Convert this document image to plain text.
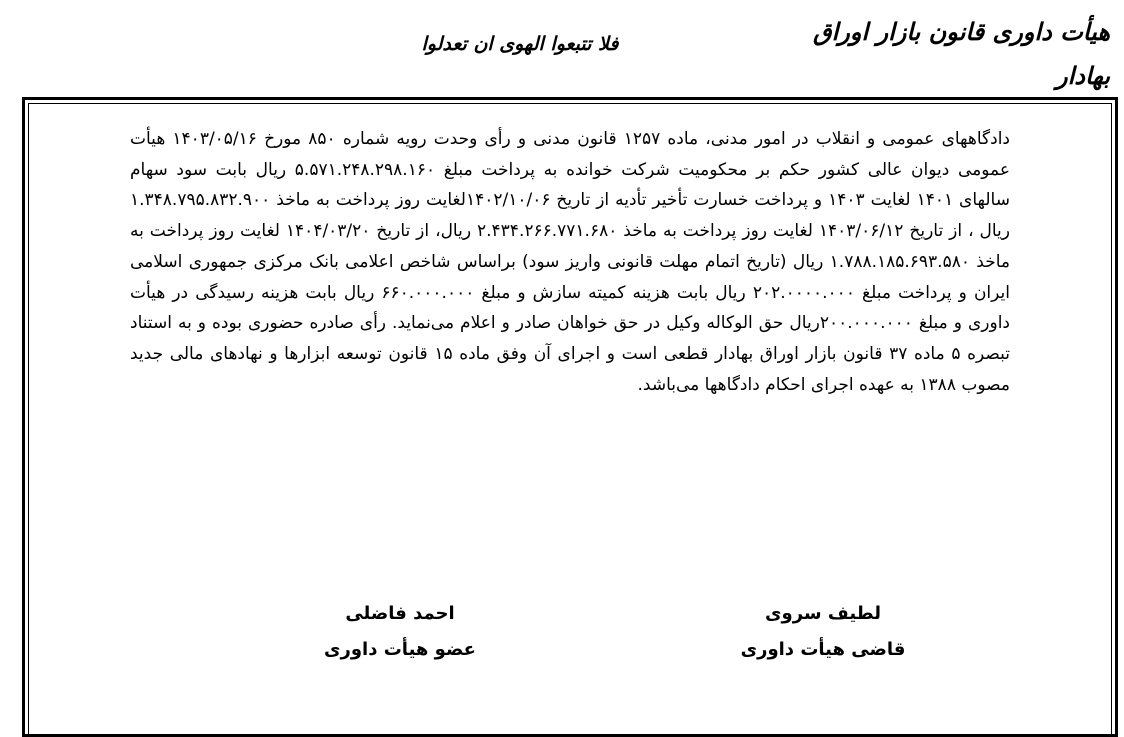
هیأت داوری قانون بازار اوراق بهادار
فلا تتبعوا الهوی ان تعدلوا

دادگاههای عمومی و انقلاب در امور مدنی، ماده ۱۲۵۷ قانون مدنی و رأی وحدت رویه شماره ۸۵۰ مورخ ۱۴۰۳/۰۵/۱۶ هیأت عمومی دیوان عالی کشور حکم بر محکومیت شرکت خوانده به پرداخت مبلغ ۵.۵۷۱.۲۴۸.۲۹۸.۱۶۰ ریال بابت سود سهام سالهای ۱۴۰۱ لغایت ۱۴۰۳ و پرداخت خسارت تأخیر تأدیه از تاریخ ۱۴۰۲/۱۰/۰۶لغایت روز پرداخت به ماخذ ۱.۳۴۸.۷۹۵.۸۳۲.۹۰۰ ریال ، از تاریخ ۱۴۰۳/۰۶/۱۲ لغایت روز پرداخت به ماخذ ۲.۴۳۴.۲۶۶.۷۷۱.۶۸۰ ریال، از تاریخ ۱۴۰۴/۰۳/۲۰ لغایت روز پرداخت به ماخذ ۱.۷۸۸.۱۸۵.۶۹۳.۵۸۰ ریال (تاریخ اتمام مهلت قانونی واریز سود) براساس شاخص اعلامی بانک مرکزی جمهوری اسلامی ایران و پرداخت مبلغ ۲۰۲.۰۰۰۰.۰۰۰ ریال بابت هزینه کمیته سازش و مبلغ ۶۶۰.۰۰۰.۰۰۰ ریال بابت هزینه رسیدگی در هیأت داوری و مبلغ ۲۰۰.۰۰۰.۰۰۰ریال حق الوکاله وکیل در حق خواهان صادر و اعلام می‌نماید. رأی صادره حضوری بوده و به استناد تبصره ۵ ماده ۳۷ قانون بازار اوراق بهادار قطعی است و اجرای آن وفق ماده ۱۵ قانون توسعه ابزارها و نهادهای مالی جدید مصوب ۱۳۸۸ به عهده اجرای احکام دادگاهها می‌باشد.

لطیف سروی
قاضی هیأت داوری
احمد فاضلی
عضو هیأت داوری
